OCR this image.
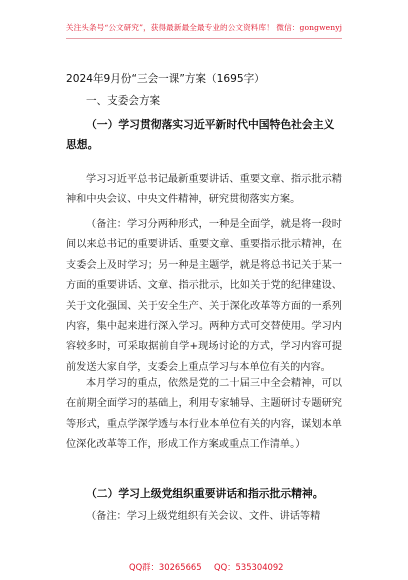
关注头条号“公文研究”，获得最新最全最专业的公文资料库！ 微信：gongwenyj
2024年9月份“三会一课”方案（1695字）
一、支委会方案
（一）学习贯彻落实习近平新时代中国特色社会主义
思想。
学习习近平总书记最新重要讲话、重要文章、指示批示精神和中央会议、中央文件精神，研究贯彻落实方案。
（备注：学习分两种形式，一种是全面学，就是将一段时间以来总书记的重要讲话、重要文章、重要指示批示精神，在支委会上及时学习；另一种是主题学，就是将总书记关于某一方面的重要讲话、文章、指示批示，比如关于党的纪律建设、关于文化强国、关于安全生产、关于深化改革等方面的一系列内容，集中起来进行深入学习。两种方式可交替使用。学习内容较多时，可采取据前自学+现场讨论的方式，学习内容可提前发送大家自学，支委会上重点学习与本单位有关的内容。
本月学习的重点，依然是党的二十届三中全会精神，可以在前期全面学习的基础上，利用专家辅导、主题研讨专题研究等形式，重点学深学透与本行业本单位有关的内容，谋划本单位深化改革等工作，形成工作方案或重点工作清单。）
（二）学习上级党组织重要讲话和指示批示精神。
（备注：学习上级党组织有关会议、文件、讲话等精
QQ群：30265665 QQ：535304092
